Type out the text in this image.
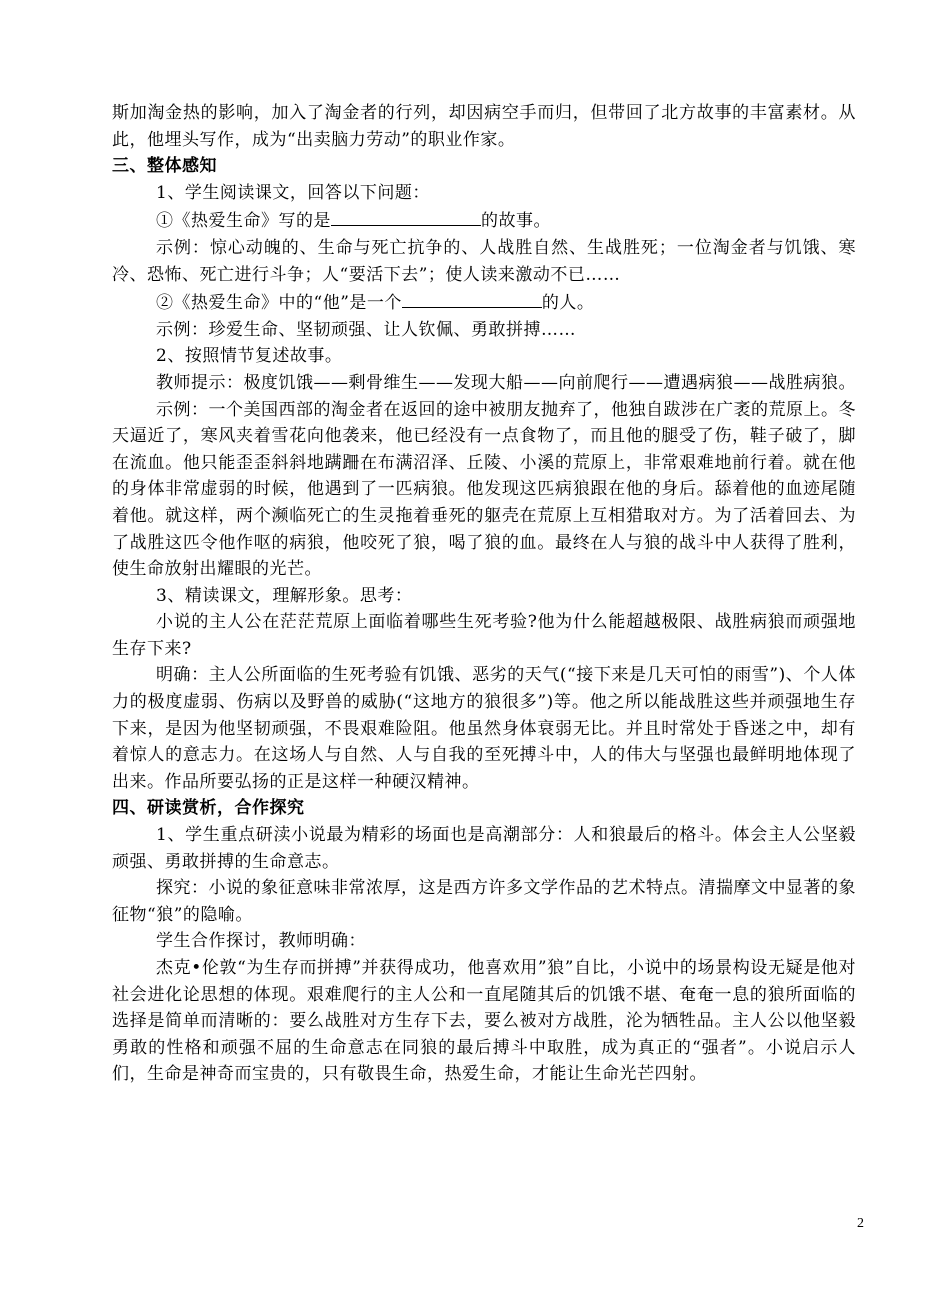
斯加淘金热的影响，加入了淘金者的行列，却因病空手而归，但带回了北方故事的丰富素材。从此，他埋头写作，成为“出卖脑力劳动”的职业作家。

三、整体感知

1、学生阅读课文，回答以下问题：

①《热爱生命》写的是	的故事。

示例：惊心动魄的、生命与死亡抗争的、人战胜自然、生战胜死；一位淘金者与饥饿、寒冷、恐怖、死亡进行斗争；人“要活下去”；使人读来激动不已……

②《热爱生命》中的“他”是一个	的人。

示例：珍爱生命、坚韧顽强、让人钦佩、勇敢拼搏……

2、按照情节复述故事。

教师提示：极度饥饿——剩骨维生——发现大船——向前爬行——遭遇病狼——战胜病狼。

示例：一个美国西部的淘金者在返回的途中被朋友抛弃了，他独自跋涉在广袤的荒原上。冬天逼近了，寒风夹着雪花向他袭来，他已经没有一点食物了，而且他的腿受了伤，鞋子破了，脚在流血。他只能歪歪斜斜地蹒跚在布满沼泽、丘陵、小溪的荒原上，非常艰难地前行着。就在他的身体非常虚弱的时候，他遇到了一匹病狼。他发现这匹病狼跟在他的身后。舔着他的血迹尾随着他。就这样，两个濒临死亡的生灵拖着垂死的躯壳在荒原上互相猎取对方。为了活着回去、为了战胜这匹令他作呕的病狼，他咬死了狼，喝了狼的血。最终在人与狼的战斗中人获得了胜利，使生命放射出耀眼的光芒。

3、精读课文，理解形象。思考：

小说的主人公在茫茫荒原上面临着哪些生死考验?他为什么能超越极限、战胜病狼而顽强地生存下来?

明确：主人公所面临的生死考验有饥饿、恶劣的天气(“接下来是几天可怕的雨雪”)、个人体力的极度虚弱、伤病以及野兽的威胁(“这地方的狼很多”)等。他之所以能战胜这些并顽强地生存下来，是因为他坚韧顽强，不畏艰难险阻。他虽然身体衰弱无比。并且时常处于昏迷之中，却有着惊人的意志力。在这场人与自然、人与自我的至死搏斗中，人的伟大与坚强也最鲜明地体现了出来。作品所要弘扬的正是这样一种硬汉精神。

四、研读赏析，合作探究

1、学生重点研渎小说最为精彩的场面也是高潮部分：人和狼最后的格斗。体会主人公坚毅顽强、勇敢拼搏的生命意志。

探究：小说的象征意味非常浓厚，这是西方许多文学作品的艺术特点。清揣摩文中显著的象征物“狼”的隐喻。

学生合作探讨，教师明确：

杰克•伦敦“为生存而拼搏”并获得成功，他喜欢用”狼”自比，小说中的场景构设无疑是他对社会进化论思想的体现。艰难爬行的主人公和一直尾随其后的饥饿不堪、奄奄一息的狼所面临的选择是简单而清晰的：要么战胜对方生存下去，要么被对方战胜，沦为牺牲品。主人公以他坚毅勇敢的性格和顽强不屈的生命意志在同狼的最后搏斗中取胜，成为真正的“强者”。小说启示人们，生命是神奇而宝贵的，只有敬畏生命，热爱生命，才能让生命光芒四射。

2
